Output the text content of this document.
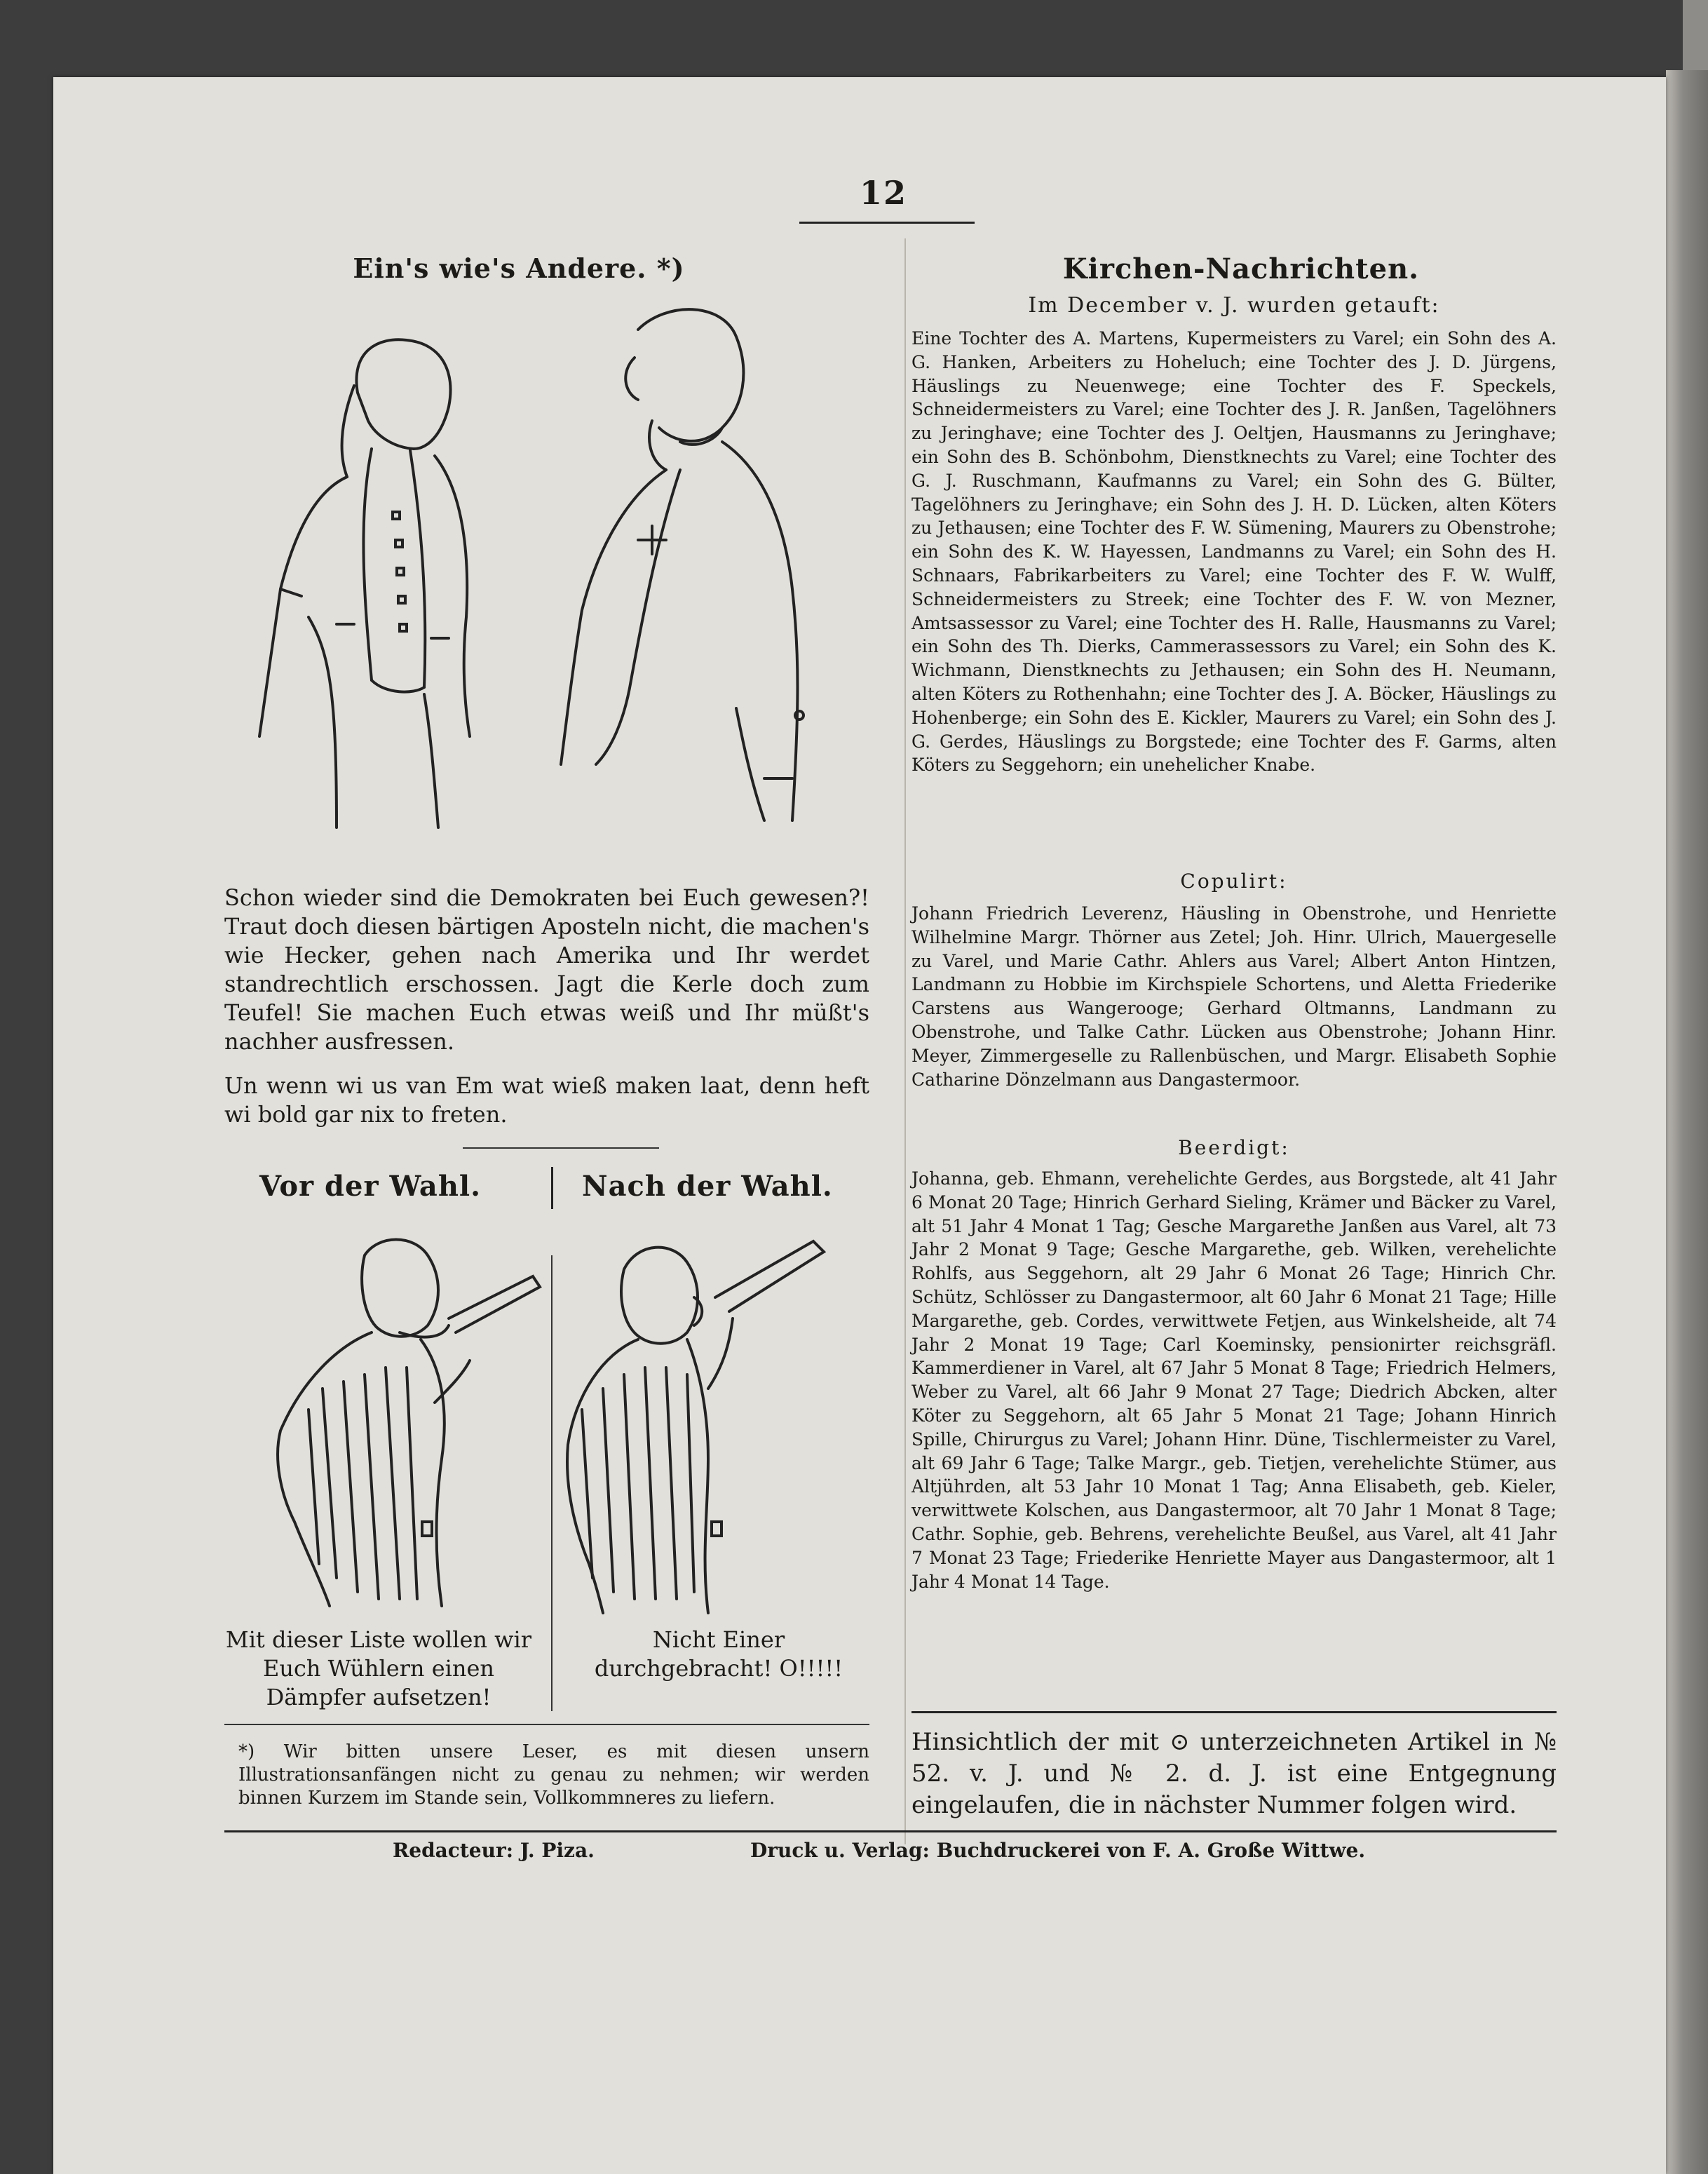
12
Ein's wie's Andere. *)
Schon wieder sind die Demokraten bei Euch gewesen?! Traut doch diesen bärtigen Aposteln nicht, die machen's wie Hecker, gehen nach Amerika und Ihr werdet standrechtlich erschossen. Jagt die Kerle doch zum Teufel! Sie machen Euch etwas weiß und Ihr müßt's nachher ausfressen.
Un wenn wi us van Em wat wieß maken laat, denn heft wi bold gar nix to freten.
Vor der Wahl.	Nach der Wahl.
Mit dieser Liste wollen wir Euch Wühlern einen Dämpfer aufsetzen!
Nicht Einer durchgebracht! O!!!!!
*) Wir bitten unsere Leser, es mit diesen unsern Illustrationsanfängen nicht zu genau zu nehmen; wir werden binnen Kurzem im Stande sein, Vollkommneres zu liefern.
Kirchen-Nachrichten.
Im December v. J. wurden getauft:
Eine Tochter des A. Martens, Kupermeisters zu Varel; ein Sohn des A. G. Hanken, Arbeiters zu Hoheluch; eine Tochter des J. D. Jürgens, Häuslings zu Neuenwege; eine Tochter des F. Speckels, Schneidermeisters zu Varel; eine Tochter des J. R. Janßen, Tagelöhners zu Jeringhave; eine Tochter des J. Oeltjen, Hausmanns zu Jeringhave; ein Sohn des B. Schönbohm, Dienstknechts zu Varel; eine Tochter des G. J. Ruschmann, Kaufmanns zu Varel; ein Sohn des G. Bülter, Tagelöhners zu Jeringhave; ein Sohn des J. H. D. Lücken, alten Köters zu Jethausen; eine Tochter des F. W. Sümening, Maurers zu Obenstrohe; ein Sohn des K. W. Hayessen, Landmanns zu Varel; ein Sohn des H. Schnaars, Fabrikarbeiters zu Varel; eine Tochter des F. W. Wulff, Schneidermeisters zu Streek; eine Tochter des F. W. von Mezner, Amtsassessor zu Varel; eine Tochter des H. Ralle, Hausmanns zu Varel; ein Sohn des Th. Dierks, Cammerassessors zu Varel; ein Sohn des K. Wichmann, Dienstknechts zu Jethausen; ein Sohn des H. Neumann, alten Köters zu Rothenhahn; eine Tochter des J. A. Böcker, Häuslings zu Hohenberge; ein Sohn des E. Kickler, Maurers zu Varel; ein Sohn des J. G. Gerdes, Häuslings zu Borgstede; eine Tochter des F. Garms, alten Köters zu Seggehorn; ein unehelicher Knabe.
Copulirt:
Johann Friedrich Leverenz, Häusling in Obenstrohe, und Henriette Wilhelmine Margr. Thörner aus Zetel; Joh. Hinr. Ulrich, Mauergeselle zu Varel, und Marie Cathr. Ahlers aus Varel; Albert Anton Hintzen, Landmann zu Hobbie im Kirchspiele Schortens, und Aletta Friederike Carstens aus Wangerooge; Gerhard Oltmanns, Landmann zu Obenstrohe, und Talke Cathr. Lücken aus Obenstrohe; Johann Hinr. Meyer, Zimmergeselle zu Rallenbüschen, und Margr. Elisabeth Sophie Catharine Dönzelmann aus Dangastermoor.
Beerdigt:
Johanna, geb. Ehmann, verehelichte Gerdes, aus Borgstede, alt 41 Jahr 6 Monat 20 Tage; Hinrich Gerhard Sieling, Krämer und Bäcker zu Varel, alt 51 Jahr 4 Monat 1 Tag; Gesche Margarethe Janßen aus Varel, alt 73 Jahr 2 Monat 9 Tage; Gesche Margarethe, geb. Wilken, verehelichte Rohlfs, aus Seggehorn, alt 29 Jahr 6 Monat 26 Tage; Hinrich Chr. Schütz, Schlösser zu Dangastermoor, alt 60 Jahr 6 Monat 21 Tage; Hille Margarethe, geb. Cordes, verwittwete Fetjen, aus Winkelsheide, alt 74 Jahr 2 Monat 19 Tage; Carl Koeminsky, pensionirter reichsgräfl. Kammerdiener in Varel, alt 67 Jahr 5 Monat 8 Tage; Friedrich Helmers, Weber zu Varel, alt 66 Jahr 9 Monat 27 Tage; Diedrich Abcken, alter Köter zu Seggehorn, alt 65 Jahr 5 Monat 21 Tage; Johann Hinrich Spille, Chirurgus zu Varel; Johann Hinr. Düne, Tischlermeister zu Varel, alt 69 Jahr 6 Tage; Talke Margr., geb. Tietjen, verehelichte Stümer, aus Altjührden, alt 53 Jahr 10 Monat 1 Tag; Anna Elisabeth, geb. Kieler, verwittwete Kolschen, aus Dangastermoor, alt 70 Jahr 1 Monat 8 Tage; Cathr. Sophie, geb. Behrens, verehelichte Beußel, aus Varel, alt 41 Jahr 7 Monat 23 Tage; Friederike Henriette Mayer aus Dangastermoor, alt 1 Jahr 4 Monat 14 Tage.
Hinsichtlich der mit ⊙ unterzeichneten Artikel in № 52. v. J. und № 2. d. J. ist eine Entgegnung eingelaufen, die in nächster Nummer folgen wird.
Redacteur: J. Piza.	Druck u. Verlag: Buchdruckerei von F. A. Große Wittwe.
